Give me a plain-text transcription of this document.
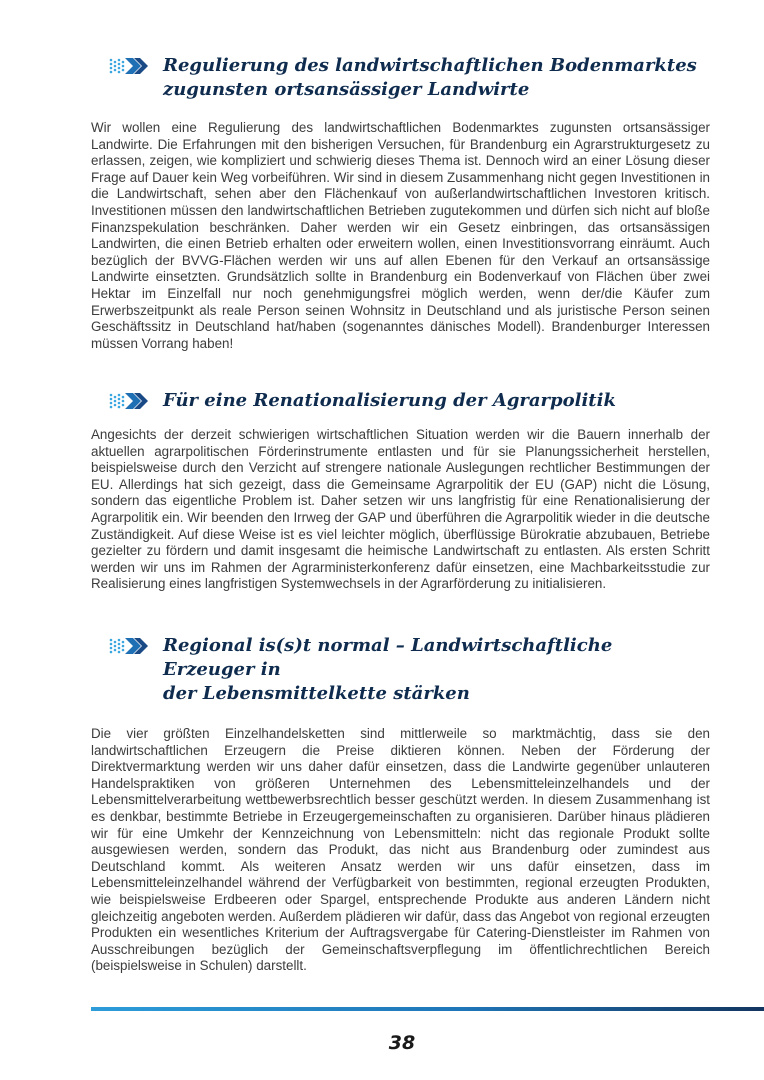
Regulierung des landwirtschaftlichen Bodenmarktes
zugunsten ortsansässiger Landwirte

Wir wollen eine Regulierung des landwirtschaftlichen Bodenmarktes zugunsten ortsansässiger Landwirte. Die Erfahrungen mit den bisherigen Versuchen, für Brandenburg ein Agrarstrukturgesetz zu erlassen, zeigen, wie kompliziert und schwierig dieses Thema ist. Dennoch wird an einer Lösung dieser Frage auf Dauer kein Weg vorbeiführen. Wir sind in diesem Zusammenhang nicht gegen Investitionen in die Landwirtschaft, sehen aber den Flächenkauf von außerlandwirtschaftlichen Investoren kritisch. Investitionen müssen den landwirtschaftlichen Betrieben zugutekommen und dürfen sich nicht auf bloße Finanzspekulation beschränken. Daher werden wir ein Gesetz einbringen, das ortsansässigen Landwirten, die einen Betrieb erhalten oder erweitern wollen, einen Investitionsvorrang einräumt. Auch bezüglich der BVVG-Flächen werden wir uns auf allen Ebenen für den Verkauf an ortsansässige Landwirte einsetzten. Grundsätzlich sollte in Brandenburg ein Bodenverkauf von Flächen über zwei Hektar im Einzelfall nur noch genehmigungsfrei möglich werden, wenn der/die Käufer zum Erwerbszeitpunkt als reale Person seinen Wohnsitz in Deutschland und als juristische Person seinen Geschäftssitz in Deutschland hat/haben (sogenanntes dänisches Modell). Brandenburger Interessen müssen Vorrang haben!

Für eine Renationalisierung der Agrarpolitik

Angesichts der derzeit schwierigen wirtschaftlichen Situation werden wir die Bauern innerhalb der aktuellen agrarpolitischen Förderinstrumente entlasten und für sie Planungssicherheit herstellen, beispielsweise durch den Verzicht auf strengere nationale Auslegungen rechtlicher Bestimmungen der EU. Allerdings hat sich gezeigt, dass die Gemeinsame Agrarpolitik der EU (GAP) nicht die Lösung, sondern das eigentliche Problem ist. Daher setzen wir uns langfristig für eine Renationalisierung der Agrarpolitik ein. Wir beenden den Irrweg der GAP und überführen die Agrarpolitik wieder in die deutsche Zuständigkeit. Auf diese Weise ist es viel leichter möglich, überflüssige Bürokratie abzubauen, Betriebe gezielter zu fördern und damit insgesamt die heimische Landwirtschaft zu entlasten. Als ersten Schritt werden wir uns im Rahmen der Agrarministerkonferenz dafür einsetzen, eine Machbarkeitsstudie zur Realisierung eines langfristigen Systemwechsels in der Agrarförderung zu initialisieren.

Regional is(s)t normal – Landwirtschaftliche Erzeuger in
der Lebensmittelkette stärken

Die vier größten Einzelhandelsketten sind mittlerweile so marktmächtig, dass sie den landwirtschaftlichen Erzeugern die Preise diktieren können. Neben der Förderung der Direktvermarktung werden wir uns daher dafür einsetzen, dass die Landwirte gegenüber unlauteren Handelspraktiken von größeren Unternehmen des Lebensmitteleinzelhandels und der Lebensmittelverarbeitung wettbewerbsrechtlich besser geschützt werden. In diesem Zusammenhang ist es denkbar, bestimmte Betriebe in Erzeugergemeinschaften zu organisieren. Darüber hinaus plädieren wir für eine Umkehr der Kennzeichnung von Lebensmitteln: nicht das regionale Produkt sollte ausgewiesen werden, sondern das Produkt, das nicht aus Brandenburg oder zumindest aus Deutschland kommt. Als weiteren Ansatz werden wir uns dafür einsetzen, dass im Lebensmitteleinzelhandel während der Verfügbarkeit von bestimmten, regional erzeugten Produkten, wie beispielsweise Erdbeeren oder Spargel, entsprechende Produkte aus anderen Ländern nicht gleichzeitig angeboten werden. Außerdem plädieren wir dafür, dass das Angebot von regional erzeugten Produkten ein wesentliches Kriterium der Auftragsvergabe für Catering-Dienstleister im Rahmen von Ausschreibungen bezüglich der Gemeinschaftsverpflegung im öffentlichrechtlichen Bereich (beispielsweise in Schulen) darstellt.

38
